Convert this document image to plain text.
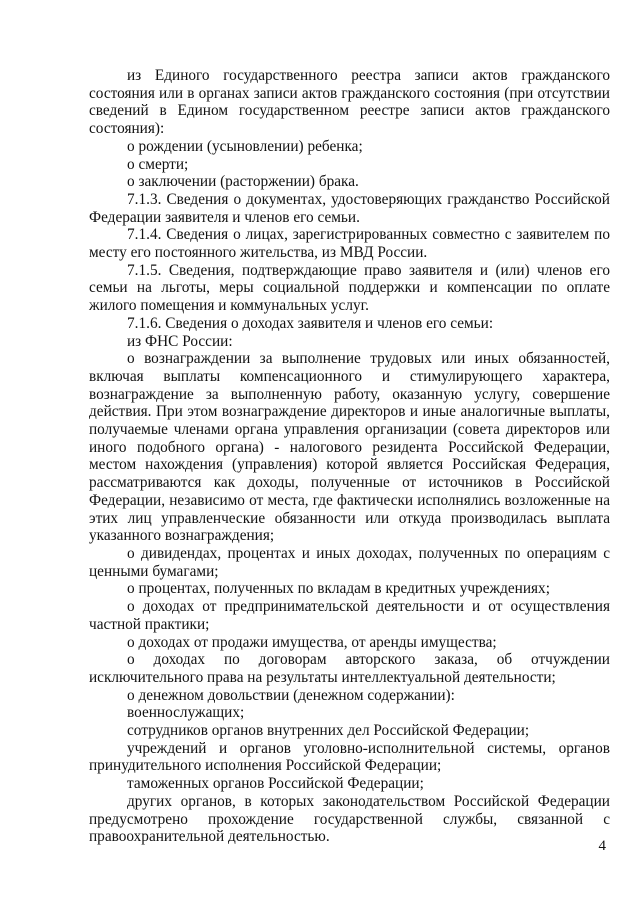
из Единого государственного реестра записи актов гражданского состояния или в органах записи актов гражданского состояния (при отсутствии сведений в Едином государственном реестре записи актов гражданского состояния):

о рождении (усыновлении) ребенка;

о смерти;

о заключении (расторжении) брака.

7.1.3. Сведения о документах, удостоверяющих гражданство Российской Федерации заявителя и членов его семьи.

7.1.4. Сведения о лицах, зарегистрированных совместно с заявителем по месту его постоянного жительства, из МВД России.

7.1.5. Сведения, подтверждающие право заявителя и (или) членов его семьи на льготы, меры социальной поддержки и компенсации по оплате жилого помещения и коммунальных услуг.

7.1.6. Сведения о доходах заявителя и членов его семьи:

из ФНС России:

о вознаграждении за выполнение трудовых или иных обязанностей, включая выплаты компенсационного и стимулирующего характера, вознаграждение за выполненную работу, оказанную услугу, совершение действия. При этом вознаграждение директоров и иные аналогичные выплаты, получаемые членами органа управления организации (совета директоров или иного подобного органа) - налогового резидента Российской Федерации, местом нахождения (управления) которой является Российская Федерация, рассматриваются как доходы, полученные от источников в Российской Федерации, независимо от места, где фактически исполнялись возложенные на этих лиц управленческие обязанности или откуда производилась выплата указанного вознаграждения;

о дивидендах, процентах и иных доходах, полученных по операциям с ценными бумагами;

о процентах, полученных по вкладам в кредитных учреждениях;

о доходах от предпринимательской деятельности и от осуществления частной практики;

о доходах от продажи имущества, от аренды имущества;

о доходах по договорам авторского заказа, об отчуждении исключительного права на результаты интеллектуальной деятельности;

о денежном довольствии (денежном содержании):

военнослужащих;

сотрудников органов внутренних дел Российской Федерации;

учреждений и органов уголовно-исполнительной системы, органов принудительного исполнения Российской Федерации;

таможенных органов Российской Федерации;

других органов, в которых законодательством Российской Федерации предусмотрено прохождение государственной службы, связанной с правоохранительной деятельностью.

4
